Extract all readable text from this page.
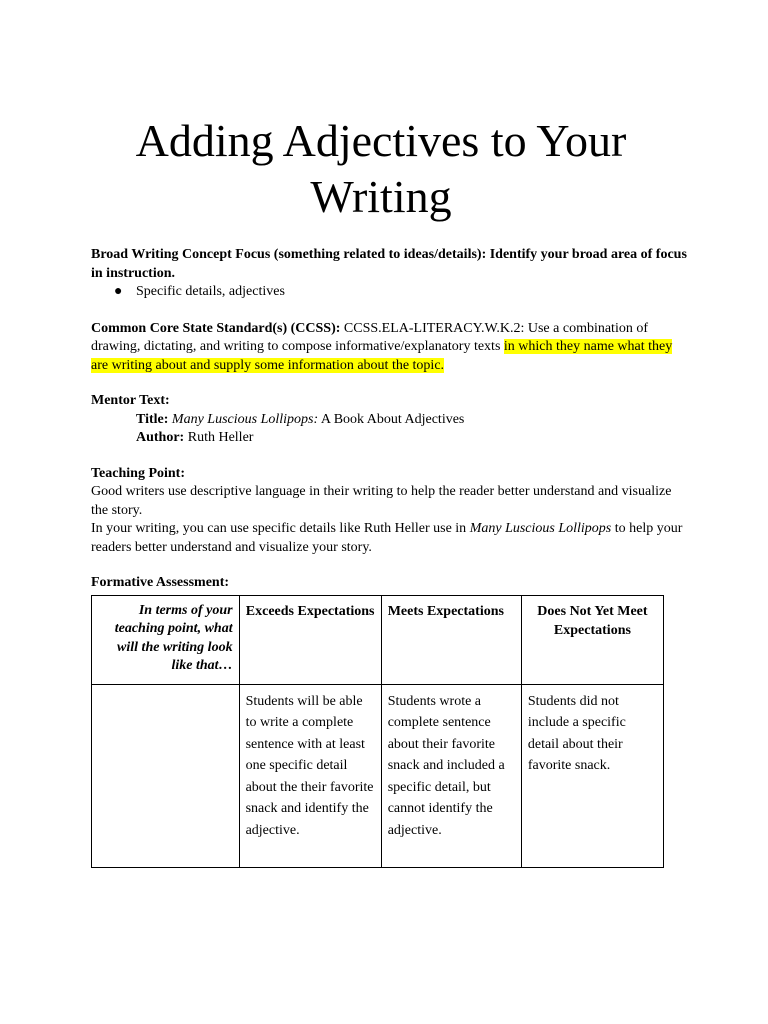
Adding Adjectives to Your Writing
Broad Writing Concept Focus (something related to ideas/details): Identify your broad area of focus in instruction.
● Specific details, adjectives
Common Core State Standard(s) (CCSS): CCSS.ELA-LITERACY.W.K.2: Use a combination of drawing, dictating, and writing to compose informative/explanatory texts in which they name what they are writing about and supply some information about the topic.
Mentor Text:
Title: Many Luscious Lollipops: A Book About Adjectives
Author: Ruth Heller
Teaching Point:
Good writers use descriptive language in their writing to help the reader better understand and visualize the story.
In your writing, you can use specific details like Ruth Heller use in Many Luscious Lollipops to help your readers better understand and visualize your story.
Formative Assessment:
In terms of your teaching point, what will the writing look like that…	Exceeds Expectations	Meets Expectations	Does Not Yet Meet Expectations
	Students will be able to write a complete sentence with at least one specific detail about the their favorite snack and identify the adjective.	Students wrote a complete sentence about their favorite snack and included a specific detail, but cannot identify the adjective.	Students did not include a specific detail about their favorite snack.
